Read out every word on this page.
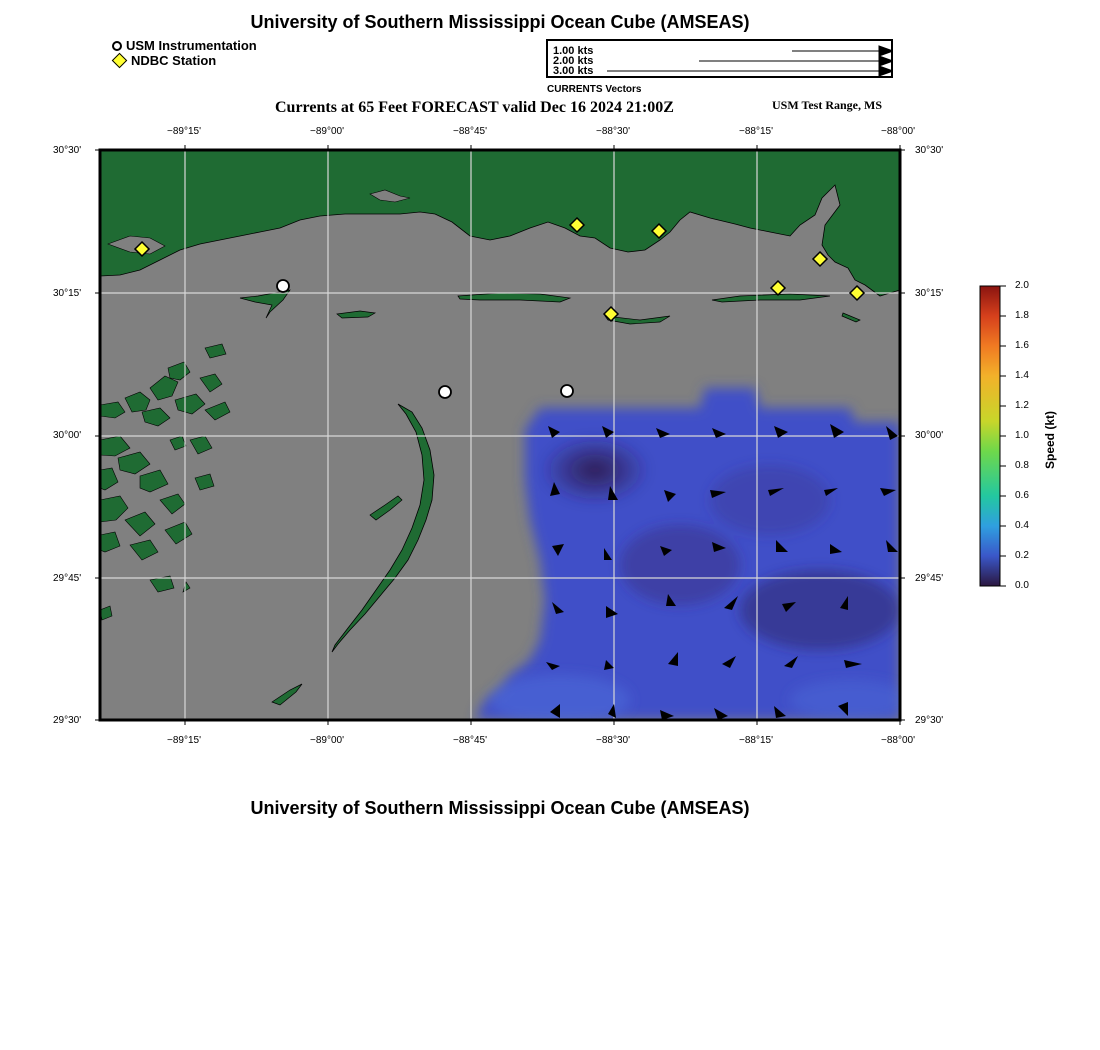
University of Southern Mississippi Ocean Cube (AMSEAS)
USM Instrumentation
NDBC Station
1.00 kts
2.00 kts
3.00 kts
CURRENTS Vectors
Currents at 65 Feet FORECAST valid Dec 16 2024 21:00Z	USM Test Range, MS
−89°15'	−89°00'	−88°45'	−88°30'	−88°15'	−88°00'
−89°15'	−89°00'	−88°45'	−88°30'	−88°15'	−88°00'
30°30'
30°15'
30°00'
29°45'
29°30'
30°30'
30°15'
30°00'
29°45'
29°30'
2.0
1.8
1.6
1.4
1.2
1.0
0.8
0.6
0.4
0.2
0.0
Speed (kt)
University of Southern Mississippi Ocean Cube (AMSEAS)
